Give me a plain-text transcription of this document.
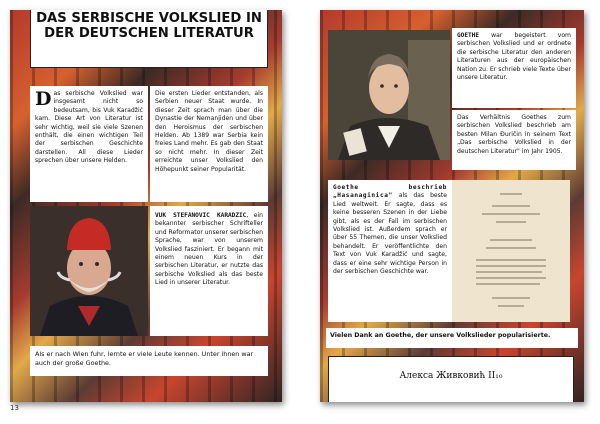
DAS SERBISCHE VOLKSLIED IN DER DEUTSCHEN LITERATUR
Das serbische Volkslied war insgesamt nicht so bedeutsam, bis Vuk Karadžić kam. Diese Art von Literatur ist sehr wichtig, weil sie viele Szenen enthält, die einen wichtigen Teil der serbischen Geschichte darstellen. All diese Lieder sprechen über unsere Helden.
Die ersten Lieder entstanden, als Serbien neuer Staat wurde. In dieser Zeit sprach man über die Dynastie der Nemanjiden und über den Heroismus der serbischen Helden. Ab 1389 war Serbia kein freies Land mehr. Es gab den Staat so nicht mehr. In dieser Zeit erreichte unser Volkslied den Höhepunkt seiner Popularität.
VUK STEFANOVIC KARADZIC, ein bekannter serbischer Schrifteller und Reformator unserer serbischen Sprache, war von unserem Volkslied fasziniert. Er begann mit einem neuen Kurs in der serbischen Literatur, er nutzte das serbische Volkslied als das beste Lied in unserer Literatur.
Als er nach Wien fuhr, lernte er viele Leute kennen. Unter ihnen war auch der große Goethe.
13
GOETHE war begeistert vom serbischen Volkslied und er ordnete die serbische Literatur den anderen Literaturen aus der europäischen Nation zu. Er schrieb viele Texte über unsere Literatur.
Das Verhältnis Goethes zum serbischen Volkslied beschrieb am besten Milan Đuričin in seinem Text „Das serbische Volkslied in der deutschen Literatur" im Jahr 1905.
Goethe beschrieb „Hasanaginica" als das beste Lied weltweit. Er sagte, dass es keine besseren Szenen in der Liebe gibt, als es der Fall im serbischen Volkslied ist. Außerdem sprach er über 55 Themen, die unser Volkslied behandelt. Er veröffentlichte den Text von Vuk Karadžić und sagte, dass er eine sehr wichtige Person in der serbischen Geschichte war.
Vielen Dank an Goethe, der unsere Volkslieder popularisierte.
Алекса Живковић II₁₀
